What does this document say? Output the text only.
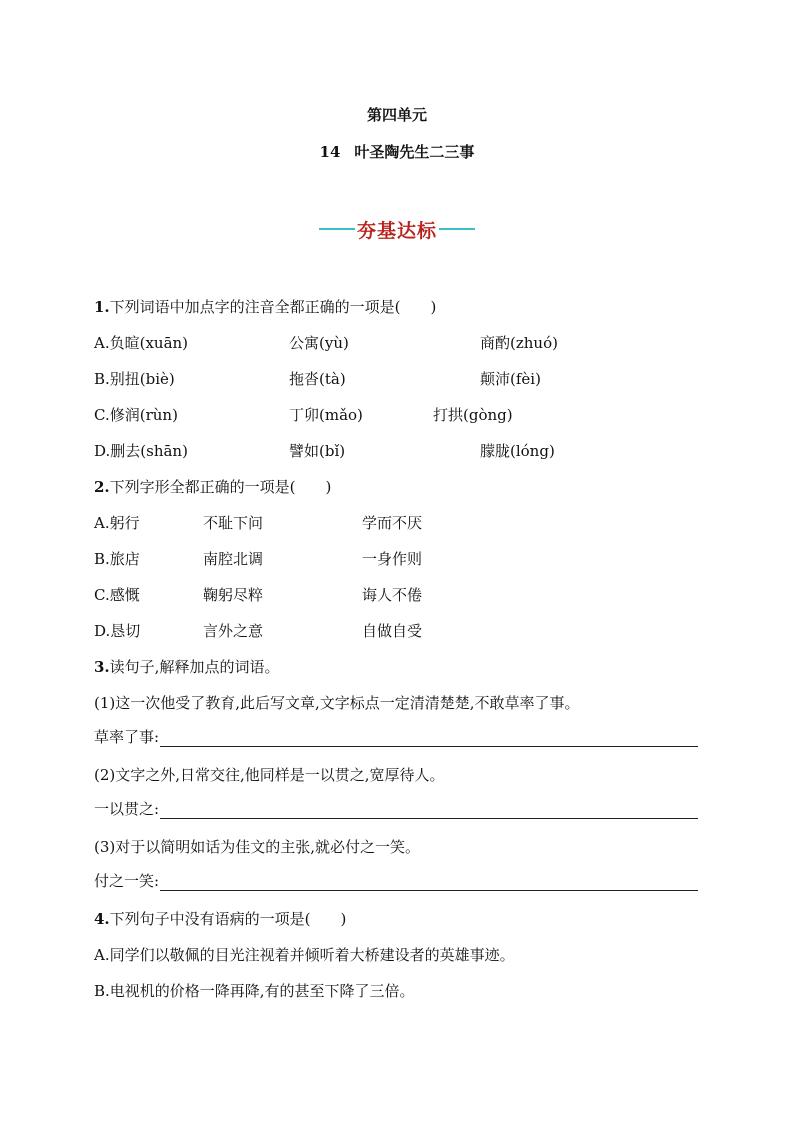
第四单元
14 叶圣陶先生二三事
夯基达标
1.下列词语中加点字的注音全都正确的一项是(　　)
A.负暄(xuān)	公寓(yù)	商酌(zhuó)
B.别扭(biè)	拖沓(tà)	颠沛(fèi)
C.修润(rùn)	丁卯(mǎo)	打拱(gòng)
D.删去(shān)	譬如(bǐ)	朦胧(lóng)
2.下列字形全都正确的一项是(　　)
A.躬行	不耻下问	学而不厌
B.旅店	南腔北调	一身作则
C.感慨	鞠躬尽粹	诲人不倦
D.恳切	言外之意	自做自受
3.读句子,解释加点的词语。
(1)这一次他受了教育,此后写文章,文字标点一定清清楚楚,不敢草率了事。
草率了事:
(2)文字之外,日常交往,他同样是一以贯之,宽厚待人。
一以贯之:
(3)对于以简明如话为佳文的主张,就必付之一笑。
付之一笑:
4.下列句子中没有语病的一项是(　　)
A.同学们以敬佩的目光注视着并倾听着大桥建设者的英雄事迹。
B.电视机的价格一降再降,有的甚至下降了三倍。
